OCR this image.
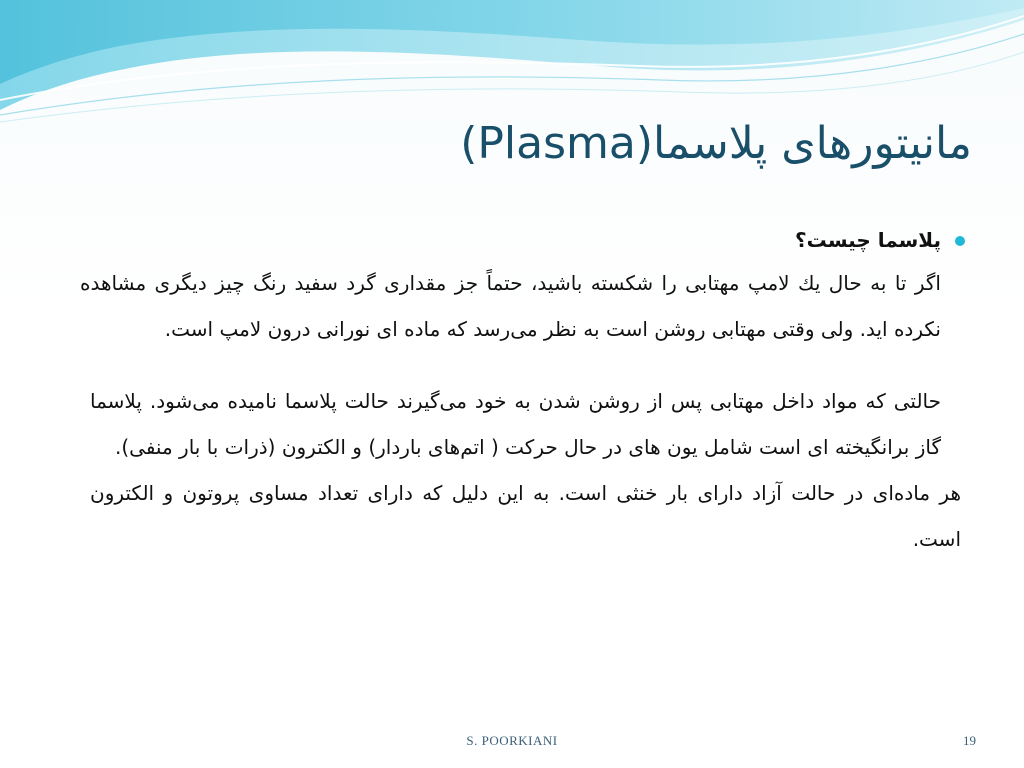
مانیتورهای پلاسما(Plasma)
پلاسما چیست؟
اگر تا به حال یك لامپ مهتابی را شکسته باشید، حتماً جز مقداری گرد سفید رنگ چیز دیگری مشاهده نکرده اید. ولی وقتی مهتابی روشن است به نظر می‌رسد که ماده ای نورانی درون لامپ است.
حالتی که مواد داخل مهتابی پس از روشن شدن به خود می‌گیرند حالت پلاسما نامیده می‌شود. پلاسما گاز برانگیخته ای است شامل یون های در حال حرکت ( اتم‌های باردار) و الکترون (ذرات با بار منفی).
هر ماده‌ای در حالت آزاد دارای بار خنثی است. به این دلیل که دارای تعداد مساوی پروتون و الکترون است.
S. POORKIANI	19
